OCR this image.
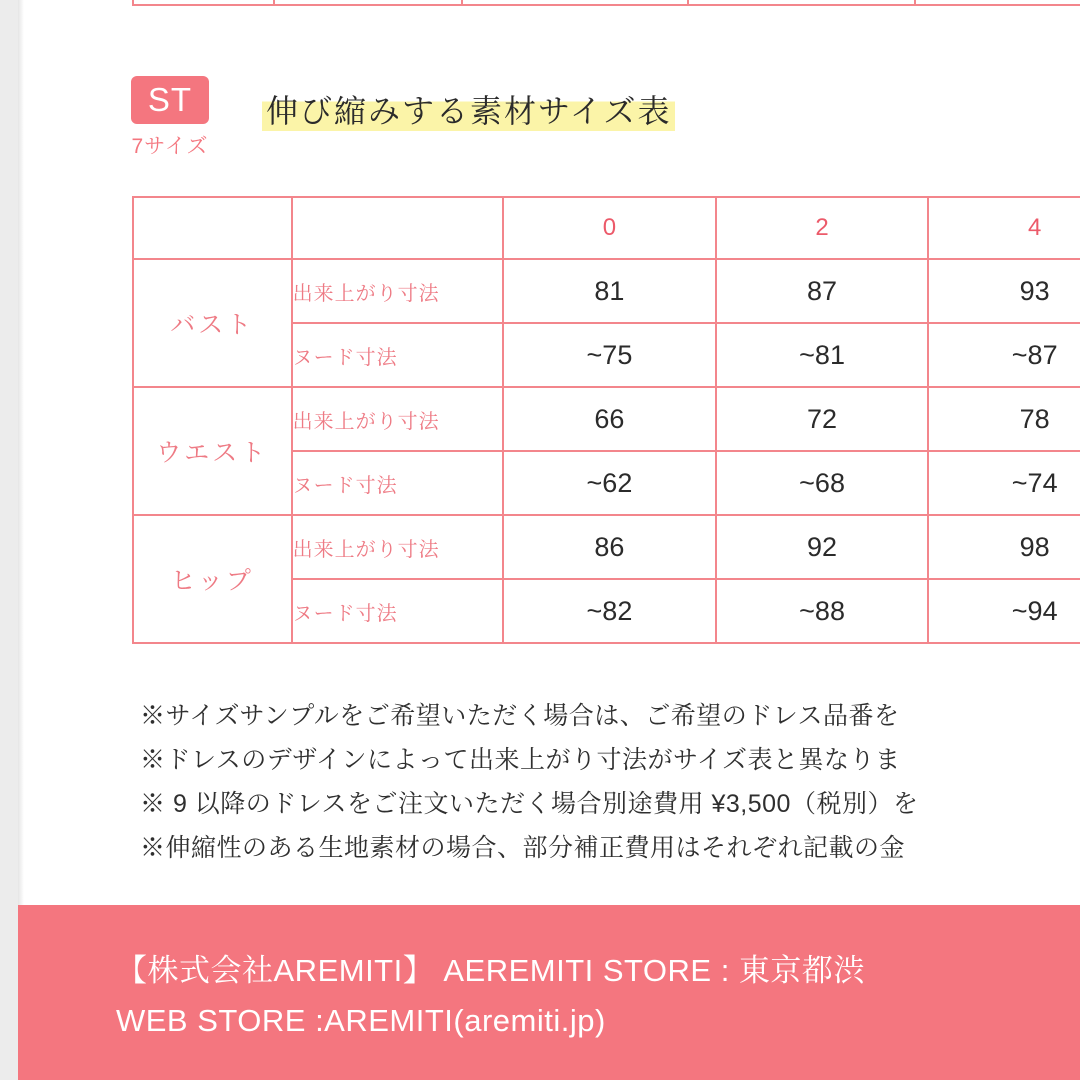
ST
7サイズ
伸び縮みする素材サイズ表
		0	2	4
バスト	出来上がり寸法	81	87	93
	ヌード寸法	~75	~81	~87
ウエスト	出来上がり寸法	66	72	78
	ヌード寸法	~62	~68	~74
ヒップ	出来上がり寸法	86	92	98
	ヌード寸法	~82	~88	~94
※サイズサンプルをご希望いただく場合は、ご希望のドレス品番を
※ドレスのデザインによって出来上がり寸法がサイズ表と異なりま
※ 9 以降のドレスをご注文いただく場合別途費用 ¥3,500（税別）を
※伸縮性のある生地素材の場合、部分補正費用はそれぞれ記載の金
【株式会社AREMITI】 AEREMITI STORE : 東京都渋
WEB STORE :AREMITI(aremiti.jp)
